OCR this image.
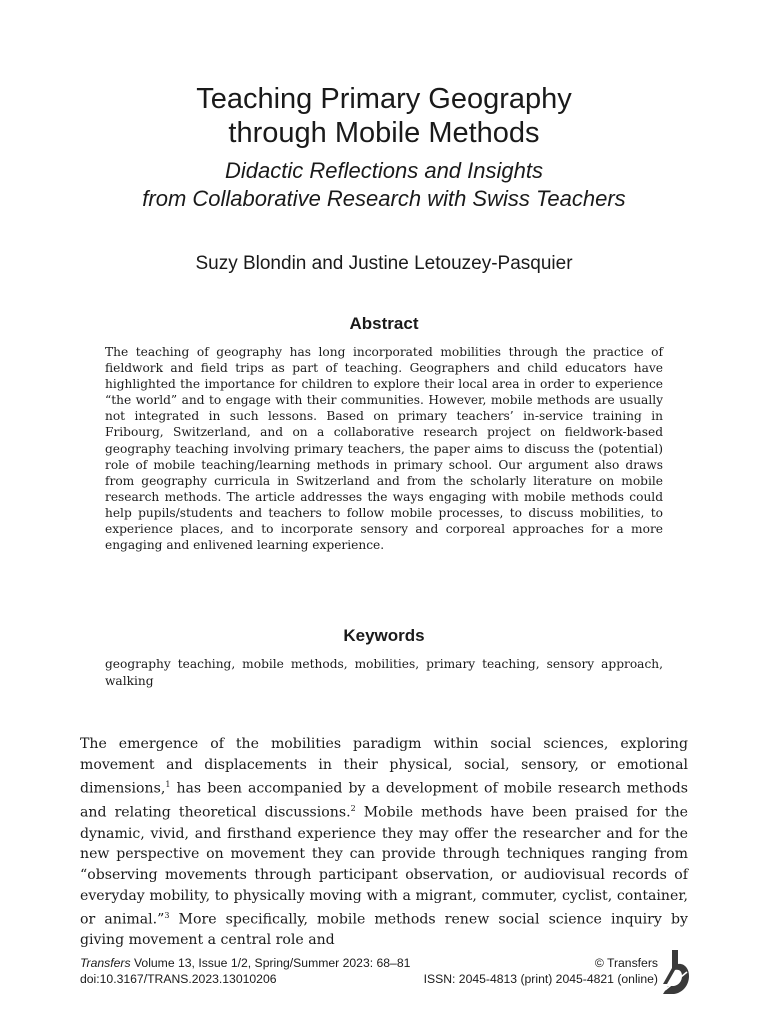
Teaching Primary Geography
through Mobile Methods
Didactic Reflections and Insights
from Collaborative Research with Swiss Teachers
Suzy Blondin and Justine Letouzey-Pasquier
Abstract
The teaching of geography has long incorporated mobilities through the practice of fieldwork and field trips as part of teaching. Geographers and child educators have highlighted the importance for children to explore their local area in order to experience “the world” and to engage with their communities. However, mobile methods are usually not integrated in such lessons. Based on primary teachers’ in-service training in Fribourg, Switzerland, and on a collaborative research project on fieldwork-based geography teaching involving primary teachers, the paper aims to discuss the (potential) role of mobile teaching/learning methods in primary school. Our argument also draws from geography curricula in Switzerland and from the scholarly literature on mobile research methods. The article addresses the ways engaging with mobile methods could help pupils/students and teachers to follow mobile processes, to discuss mobilities, to experience places, and to incorporate sensory and corporeal approaches for a more engaging and enlivened learning experience.
Keywords
geography teaching, mobile methods, mobilities, primary teaching, sensory approach, walking
The emergence of the mobilities paradigm within social sciences, exploring movement and displacements in their physical, social, sensory, or emotional dimensions,$^1$ has been accompanied by a development of mobile research methods and relating theoretical discussions.$^2$ Mobile methods have been praised for the dynamic, vivid, and firsthand experience they may offer the researcher and for the new perspective on movement they can provide through techniques ranging from “observing movements through participant observation, or audiovisual records of everyday mobility, to physically moving with a migrant, commuter, cyclist, container, or animal.”$^3$ More specifically, mobile methods renew social science inquiry by giving movement a central role and
Transfers Volume 13, Issue 1/2, Spring/Summer 2023: 68–81	© Transfers
doi:10.3167/TRANS.2023.13010206	ISSN: 2045-4813 (print) 2045-4821 (online)
